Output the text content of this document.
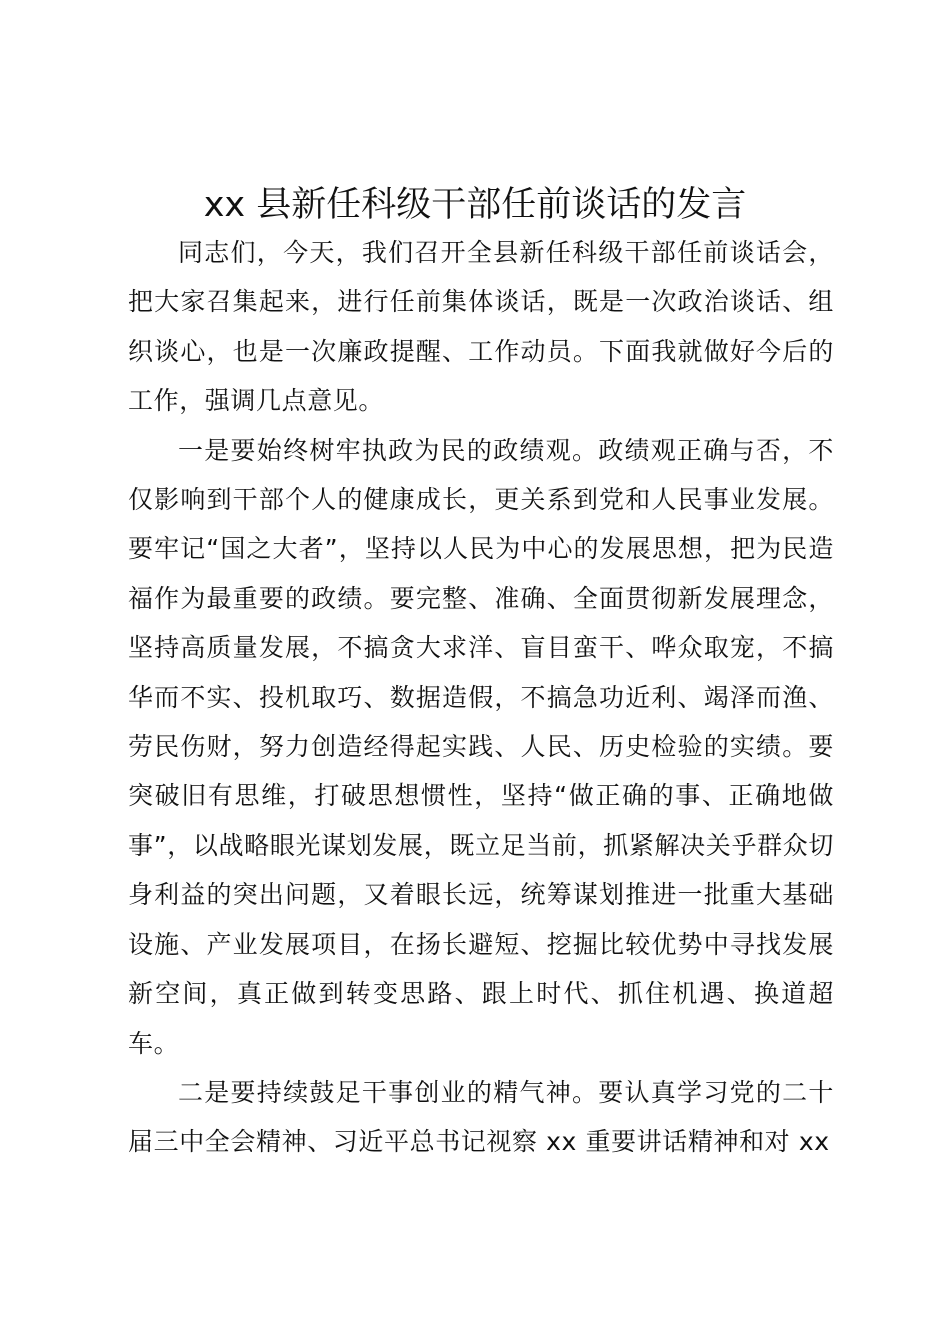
xx 县新任科级干部任前谈话的发言

同志们，今天，我们召开全县新任科级干部任前谈话会，把大家召集起来，进行任前集体谈话，既是一次政治谈话、组织谈心，也是一次廉政提醒、工作动员。下面我就做好今后的工作，强调几点意见。

一是要始终树牢执政为民的政绩观。政绩观正确与否，不仅影响到干部个人的健康成长，更关系到党和人民事业发展。要牢记“国之大者”，坚持以人民为中心的发展思想，把为民造福作为最重要的政绩。要完整、准确、全面贯彻新发展理念，坚持高质量发展，不搞贪大求洋、盲目蛮干、哗众取宠，不搞华而不实、投机取巧、数据造假，不搞急功近利、竭泽而渔、劳民伤财，努力创造经得起实践、人民、历史检验的实绩。要突破旧有思维，打破思想惯性，坚持“做正确的事、正确地做事”，以战略眼光谋划发展，既立足当前，抓紧解决关乎群众切身利益的突出问题，又着眼长远，统筹谋划推进一批重大基础设施、产业发展项目，在扬长避短、挖掘比较优势中寻找发展新空间，真正做到转变思路、跟上时代、抓住机遇、换道超车。

二是要持续鼓足干事创业的精气神。要认真学习党的二十届三中全会精神、习近平总书记视察 xx 重要讲话精神和对 xx
